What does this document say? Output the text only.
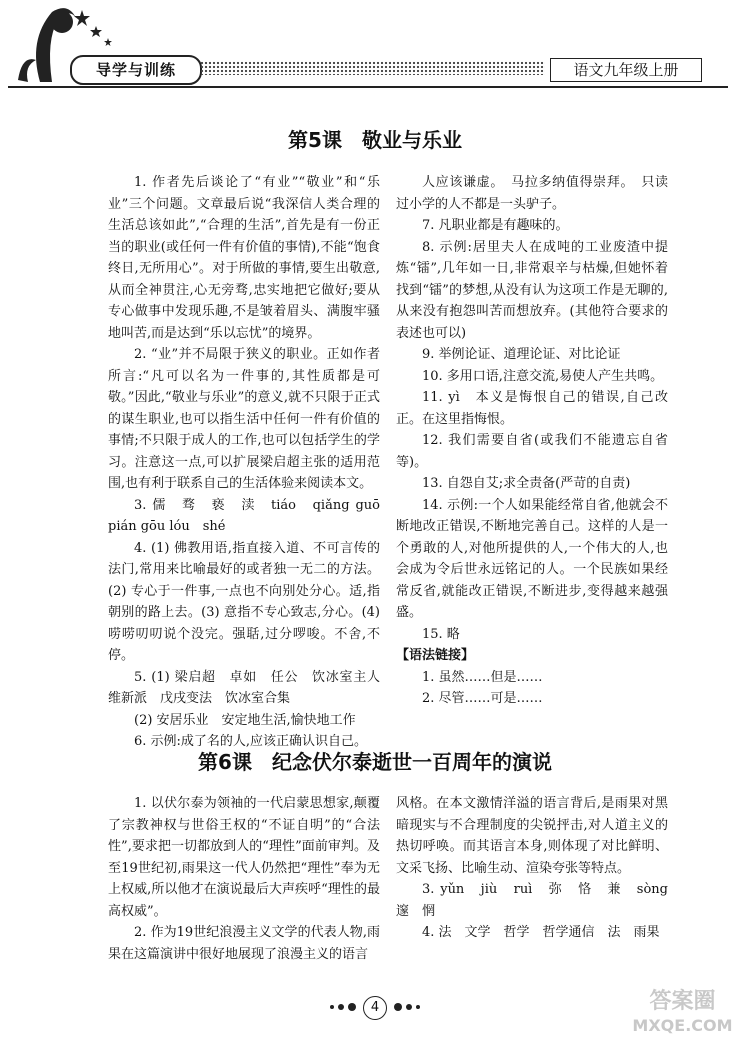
导学与训练	语文九年级上册
第5课　敬业与乐业

1. 作者先后谈论了“有业”“敬业”和“乐业”三个问题。文章最后说“我深信人类合理的生活总该如此”,“合理的生活”,首先是有一份正当的职业(或任何一件有价值的事情),不能“饱食终日,无所用心”。对于所做的事情,要生出敬意,从而全神贯注,心无旁骛,忠实地把它做好;要从专心做事中发现乐趣,不是皱着眉头、满腹牢骚地叫苦,而是达到“乐以忘忧”的境界。

2. “业”并不局限于狭义的职业。正如作者所言:“凡可以名为一件事的,其性质都是可敬。”因此,“敬业与乐业”的意义,就不只限于正式的谋生职业,也可以指生活中任何一件有价值的事情;不只限于成人的工作,也可以包括学生的学习。注意这一点,可以扩展梁启超主张的适用范围,也有利于联系自己的生活体验来阅读本文。

3. 儒　骛　亵　渎　tiáo　qiǎng guō　pián gōu lóu　shé

4. (1) 佛教用语,指直接入道、不可言传的法门,常用来比喻最好的或者独一无二的方法。(2) 专心于一件事,一点也不向别处分心。适,指朝别的路上去。(3) 意指不专心致志,分心。(4) 唠唠叨叨说个没完。强聒,过分啰唆。不舍,不停。

5. (1) 梁启超　卓如　任公　饮冰室主人　维新派　戊戌变法　饮冰室合集

(2) 安居乐业　安定地生活,愉快地工作

6. 示例:成了名的人,应该正确认识自己。

人应该谦虚。　马拉多纳值得崇拜。　只读过小学的人不都是一头驴子。

7. 凡职业都是有趣味的。

8. 示例:居里夫人在成吨的工业废渣中提炼“镭”,几年如一日,非常艰辛与枯燥,但她怀着找到“镭”的梦想,从没有认为这项工作是无聊的,从来没有抱怨叫苦而想放弃。(其他符合要求的表述也可以)

9. 举例论证、道理论证、对比论证

10. 多用口语,注意交流,易使人产生共鸣。

11. yì　本义是悔恨自己的错误,自己改正。在这里指悔恨。

12. 我们需要自省(或我们不能遗忘自省等)。

13. 自怨自艾;求全责备(严苛的自责)

14. 示例:一个人如果能经常自省,他就会不断地改正错误,不断地完善自己。这样的人是一个勇敢的人,对他所提供的人,一个伟大的人,也会成为令后世永远铭记的人。一个民族如果经常反省,就能改正错误,不断进步,变得越来越强盛。

15. 略

【语法链接】

1. 虽然……但是……

2. 尽管……可是……

第6课　纪念伏尔泰逝世一百周年的演说

1. 以伏尔泰为领袖的一代启蒙思想家,颠覆了宗教神权与世俗王权的“不证自明”的“合法性”,要求把一切都放到人的“理性”面前审判。及至19世纪初,雨果这一代人仍然把“理性”奉为无上权威,所以他才在演说最后大声疾呼“理性的最高权威”。

2. 作为19世纪浪漫主义文学的代表人物,雨果在这篇演讲中很好地展现了浪漫主义的语言

风格。在本文激情洋溢的语言背后,是雨果对黑暗现实与不合理制度的尖锐抨击,对人道主义的热切呼唤。而其语言本身,则体现了对比鲜明、文采飞扬、比喻生动、渲染夸张等特点。

3. yǔn　jiù　ruì　弥　恪　兼　sòng　邃　惘

4. 法　文学　哲学　哲学通信　法　雨果

4	答案圈
MXQE.COM
